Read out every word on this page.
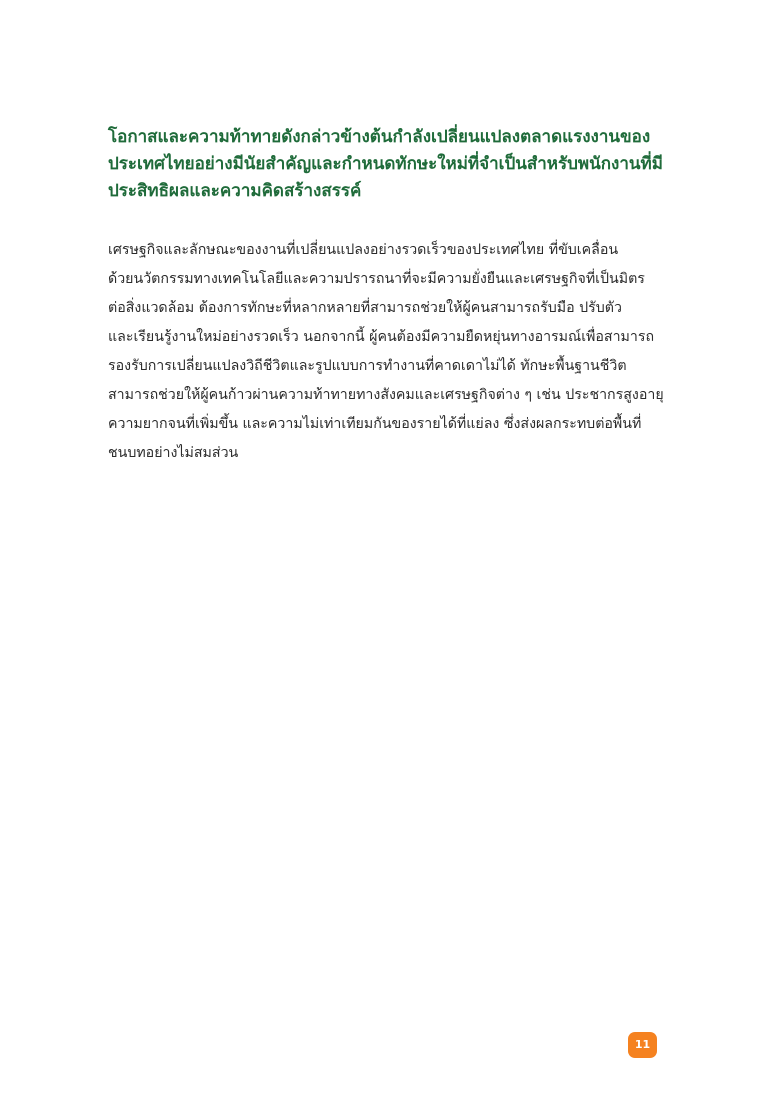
โอกาสและความท้าทายดังกล่าวข้างต้นกำลังเปลี่ยนแปลงตลาดแรงงานของ
ประเทศไทยอย่างมีนัยสำคัญและกำหนดทักษะใหม่ที่จำเป็นสำหรับพนักงานที่มี
ประสิทธิผลและความคิดสร้างสรรค์

เศรษฐกิจและลักษณะของงานที่เปลี่ยนแปลงอย่างรวดเร็วของประเทศไทย ที่ขับเคลื่อน
ด้วยนวัตกรรมทางเทคโนโลยีและความปรารถนาที่จะมีความยั่งยืนและเศรษฐกิจที่เป็นมิตร
ต่อสิ่งแวดล้อม ต้องการทักษะที่หลากหลายที่สามารถช่วยให้ผู้คนสามารถรับมือ ปรับตัว
และเรียนรู้งานใหม่อย่างรวดเร็ว นอกจากนี้ ผู้คนต้องมีความยืดหยุ่นทางอารมณ์เพื่อสามารถ
รองรับการเปลี่ยนแปลงวิถีชีวิตและรูปแบบการทำงานที่คาดเดาไม่ได้ ทักษะพื้นฐานชีวิต
สามารถช่วยให้ผู้คนก้าวผ่านความท้าทายทางสังคมและเศรษฐกิจต่าง ๆ เช่น ประชากรสูงอายุ
ความยากจนที่เพิ่มขึ้น และความไม่เท่าเทียมกันของรายได้ที่แย่ลง ซึ่งส่งผลกระทบต่อพื้นที่
ชนบทอย่างไม่สมส่วน

11
